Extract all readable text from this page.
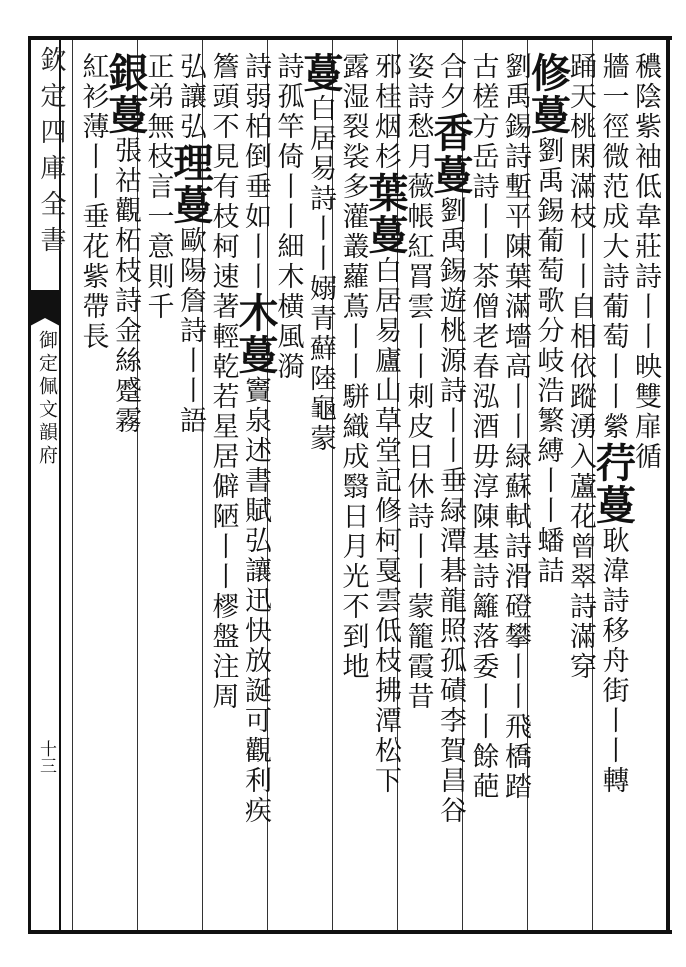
欽定四庫全書
御定佩文韻府
十三
穠陰紫袖低韋莊詩丨丨映雙扉循
牆一徑微范成大詩葡萄丨丨縈荇蔓耿湋詩移舟街丨丨轉
踊天桃閑滿枝丨丨自相依蹤湧入蘆花曾翠詩滿穿
修蔓劉禹錫葡萄歌分岐浩繁縛丨丨蟠詰
劉禹錫詩塹平陳葉滿墻高丨丨緑蘇軾詩滑磴攀丨丨飛橋踏
古槎方岳詩丨丨茶僧老春泓酒毋淳陳基詩籬落委丨丨餘葩
合夕香蔓劉禹錫遊桃源詩丨丨垂緑潭碁龍照孤磧李賀昌谷
姿詩愁月薇帳紅罥雲丨丨刺皮日休詩丨丨蒙籠霞昔
邪桂烟杉葉蔓白居易廬山草堂記修柯戛雲低枝拂潭松下
露湿裂裟多灌叢蘿蔦丨丨駢織成翳日月光不到地
蔓白居易詩丨丨嫋青蘚陸龜蒙
詩孤竿倚丨丨細木横風漪
詩弱柏倒垂如丨丨木蔓竇泉述書賦弘讓迅快放誕可觀利疾
簷頭不見有枝柯速著輕乾若星居僻陋丨丨樛盤注周
弘讓弘理蔓歐陽詹詩丨丨語
正弟無枝言一意則千
銀蔓張祜觀柘枝詩金絲蹙霧
紅衫薄丨丨垂花紫帶長
